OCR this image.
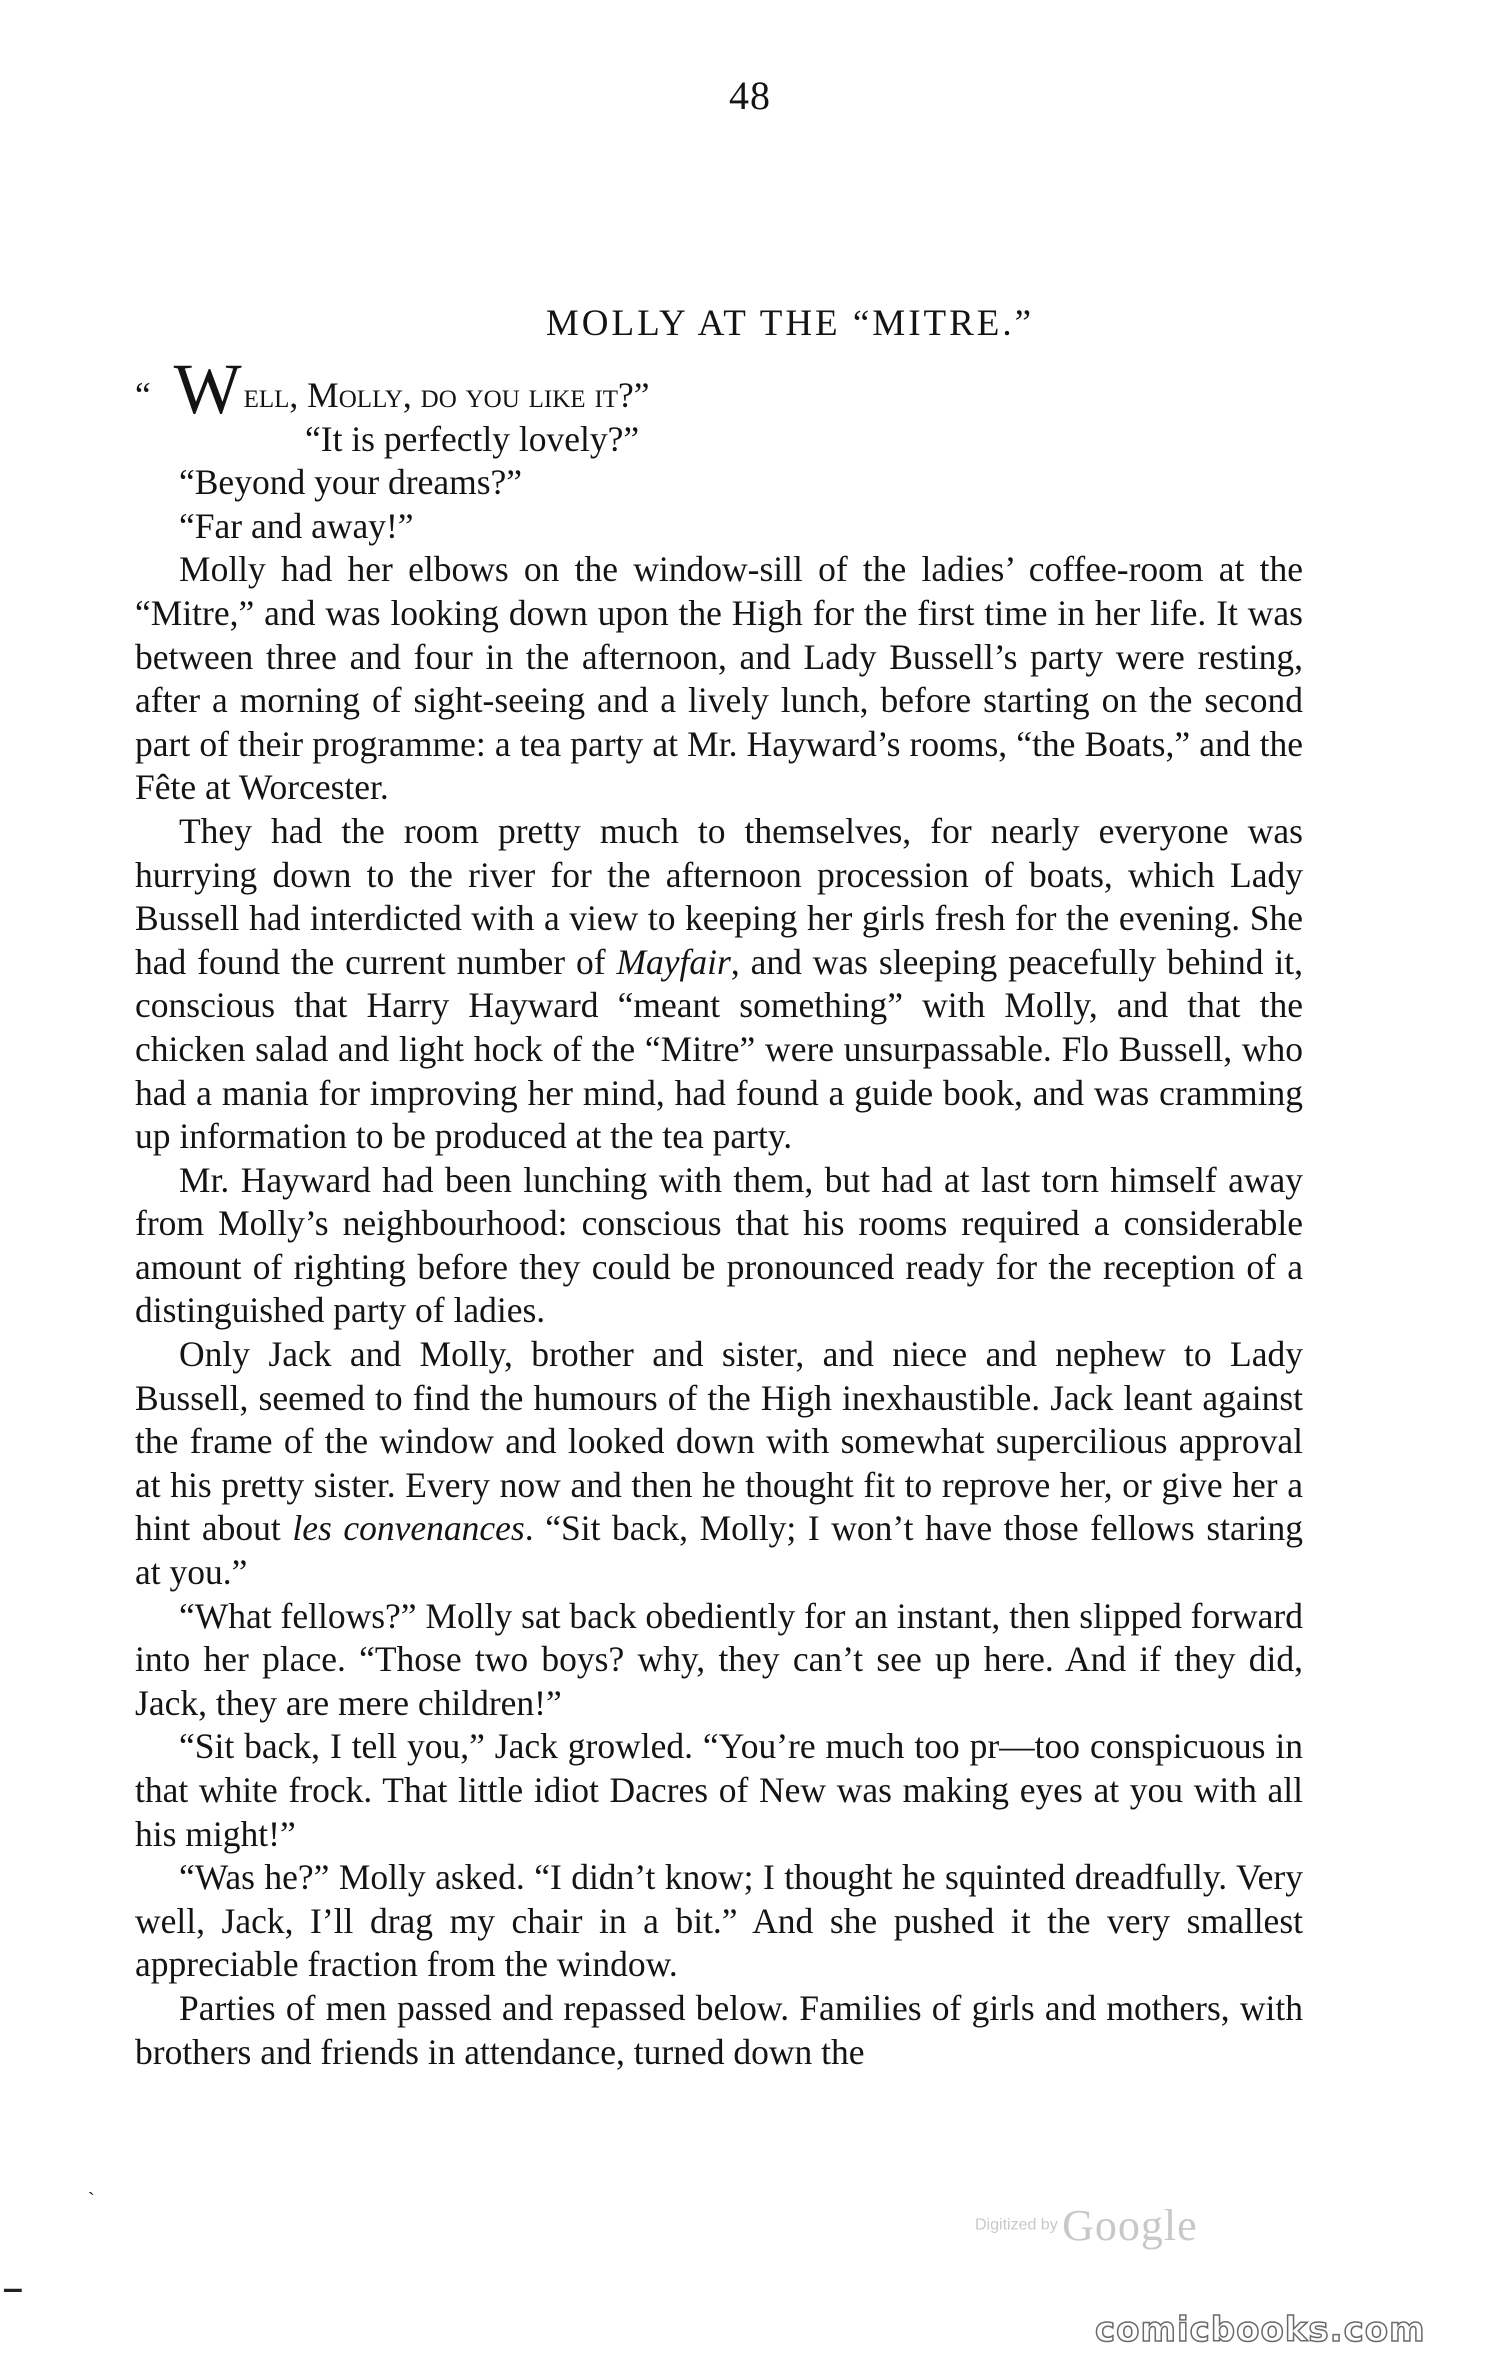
48
MOLLY AT THE “MITRE.”

“ Well, Molly, do you like it?”

“It is perfectly lovely?”

“Beyond your dreams?”

“Far and away!”

Molly had her elbows on the window-sill of the ladies’ coffee-room at the “Mitre,” and was looking down upon the High for the first time in her life. It was between three and four in the afternoon, and Lady Bussell’s party were resting, after a morning of sight-seeing and a lively lunch, before starting on the second part of their programme: a tea party at Mr. Hayward’s rooms, “the Boats,” and the Fête at Worcester.

They had the room pretty much to themselves, for nearly everyone was hurrying down to the river for the afternoon procession of boats, which Lady Bussell had interdicted with a view to keeping her girls fresh for the evening. She had found the current number of Mayfair, and was sleeping peacefully behind it, conscious that Harry Hayward “meant something” with Molly, and that the chicken salad and light hock of the “Mitre” were unsurpassable. Flo Bussell, who had a mania for improving her mind, had found a guide book, and was cramming up information to be produced at the tea party.

Mr. Hayward had been lunching with them, but had at last torn himself away from Molly’s neighbourhood: conscious that his rooms required a considerable amount of righting before they could be pronounced ready for the reception of a distinguished party of ladies.

Only Jack and Molly, brother and sister, and niece and nephew to Lady Bussell, seemed to find the humours of the High inexhaustible. Jack leant against the frame of the window and looked down with somewhat supercilious approval at his pretty sister. Every now and then he thought fit to reprove her, or give her a hint about les convenances. “Sit back, Molly; I won’t have those fellows staring at you.”

“What fellows?” Molly sat back obediently for an instant, then slipped forward into her place. “Those two boys? why, they can’t see up here. And if they did, Jack, they are mere children!”

“Sit back, I tell you,” Jack growled. “You’re much too pr—too conspicuous in that white frock. That little idiot Dacres of New was making eyes at you with all his might!”

“Was he?” Molly asked. “I didn’t know; I thought he squinted dreadfully. Very well, Jack, I’ll drag my chair in a bit.” And she pushed it the very smallest appreciable fraction from the window.

Parties of men passed and repassed below. Families of girls and mothers, with brothers and friends in attendance, turned down the

`
‒
Digitized by Google
comicbooks.com
